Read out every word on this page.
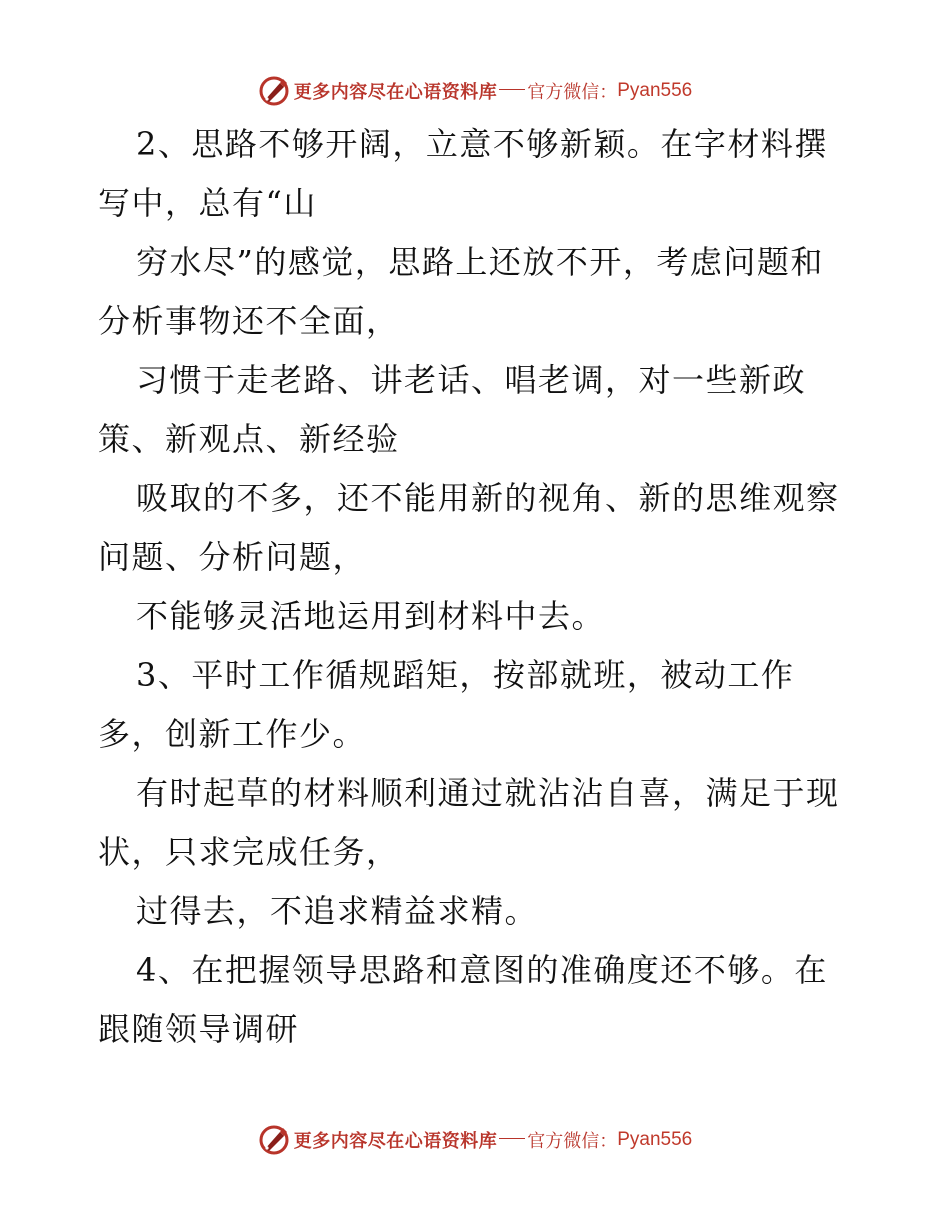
更多内容尽在心语资料库 官方微信： Pyan556
2、思路不够开阔，立意不够新颖。在字材料撰
写中，总有“山
穷水尽”的感觉，思路上还放不开，考虑问题和
分析事物还不全面，
习惯于走老路、讲老话、唱老调，对一些新政
策、新观点、新经验
吸取的不多，还不能用新的视角、新的思维观察
问题、分析问题，
不能够灵活地运用到材料中去。
3、平时工作循规蹈矩，按部就班，被动工作
多，创新工作少。
有时起草的材料顺利通过就沾沾自喜，满足于现
状，只求完成任务，
过得去，不追求精益求精。
4、在把握领导思路和意图的准确度还不够。在
跟随领导调研
更多内容尽在心语资料库 官方微信： Pyan556
